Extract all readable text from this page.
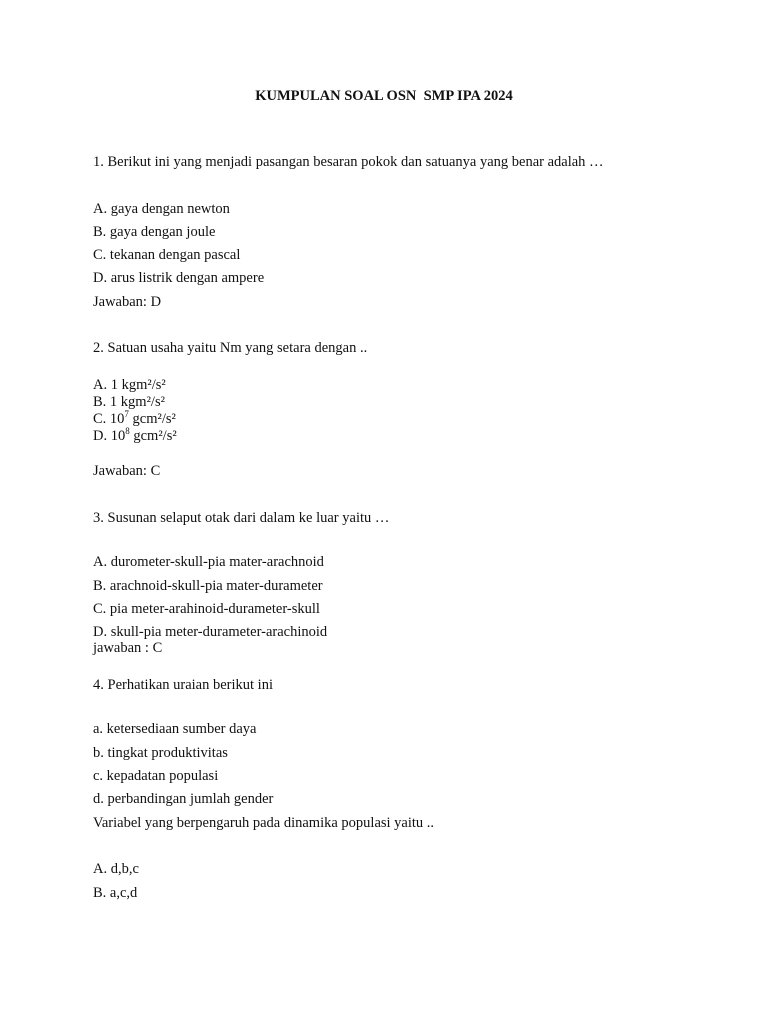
KUMPULAN SOAL OSN  SMP IPA 2024
1. Berikut ini yang menjadi pasangan besaran pokok dan satuanya yang benar adalah …
A. gaya dengan newton
B. gaya dengan joule
C. tekanan dengan pascal
D. arus listrik dengan ampere
Jawaban: D
2. Satuan usaha yaitu Nm yang setara dengan ..
A. 1 kgm²/s²
B. 1 kgm²/s²
C. $10^7$ gcm²/s²
D. $10^8$ gcm²/s²
Jawaban: C
3. Susunan selaput otak dari dalam ke luar yaitu …
A. durometer-skull-pia mater-arachnoid
B. arachnoid-skull-pia mater-durameter
C. pia meter-arahinoid-durameter-skull
D. skull-pia meter-durameter-arachinoid
jawaban : C
4. Perhatikan uraian berikut ini
a. ketersediaan sumber daya
b. tingkat produktivitas
c. kepadatan populasi
d. perbandingan jumlah gender
Variabel yang berpengaruh pada dinamika populasi yaitu ..
A. d,b,c
B. a,c,d
